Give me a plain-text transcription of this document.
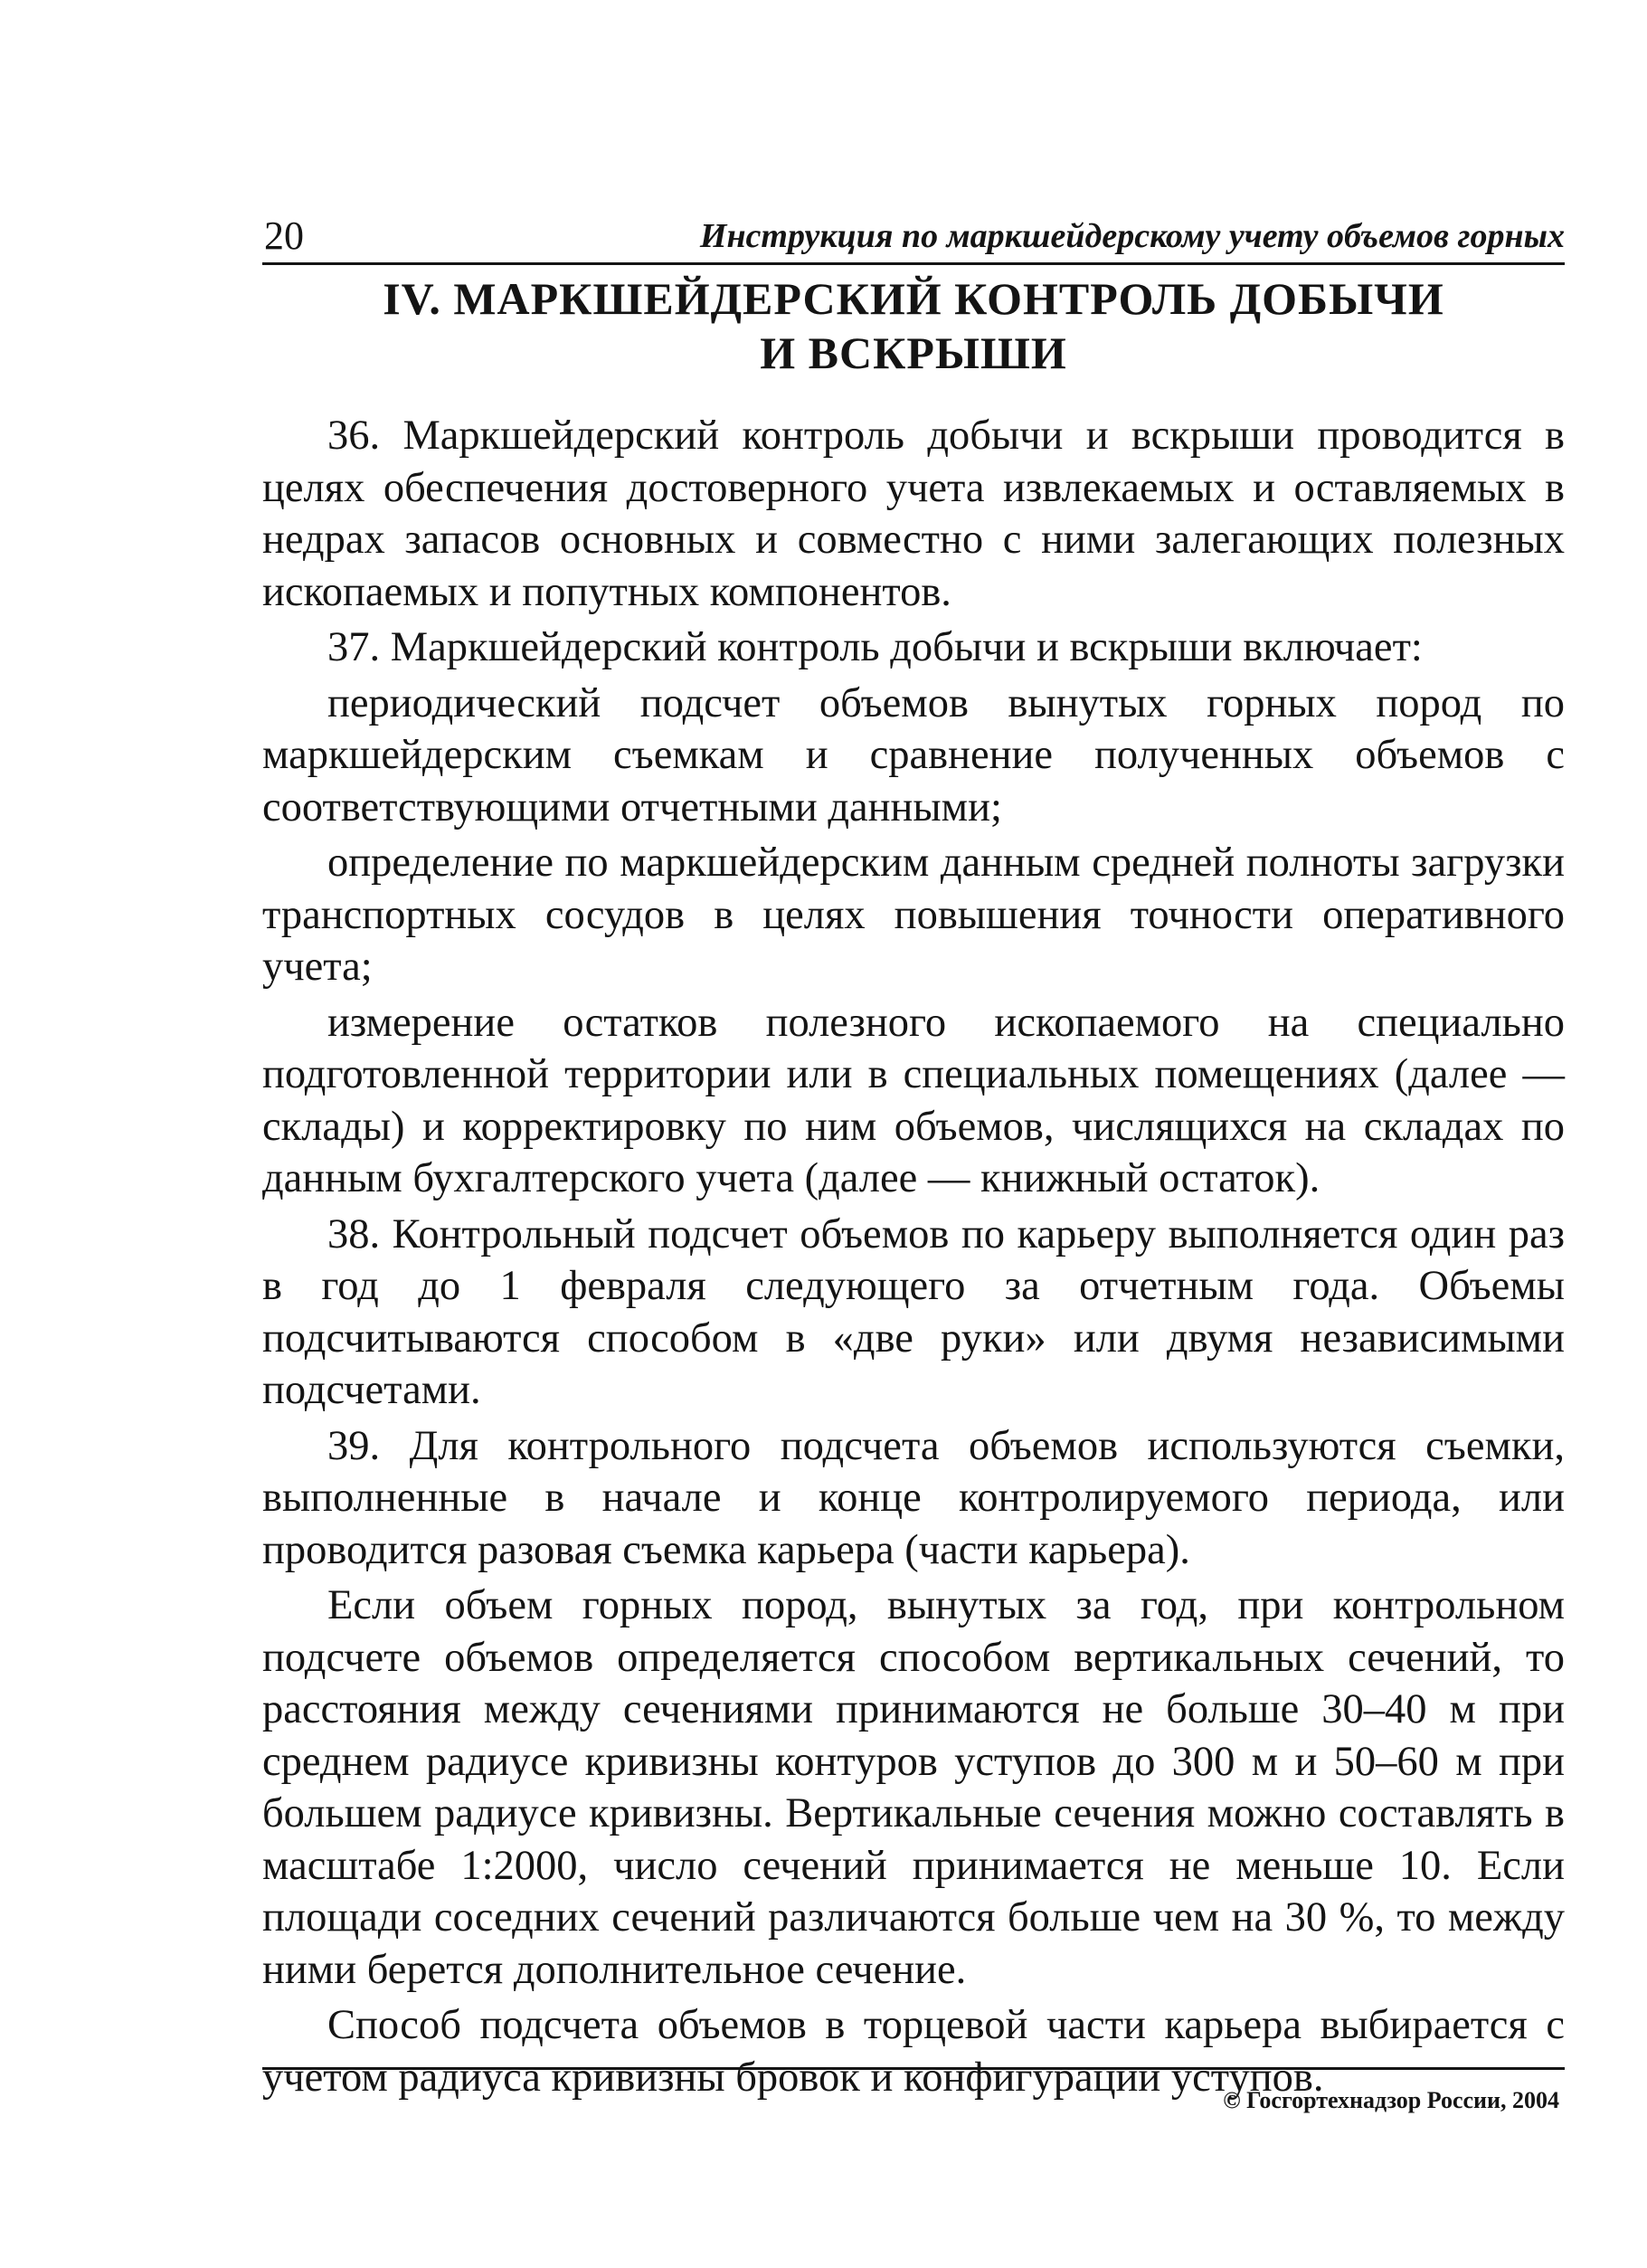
20	Инструкция по маркшейдерскому учету объемов горных
IV. МАРКШЕЙДЕРСКИЙ КОНТРОЛЬ ДОБЫЧИ
И ВСКРЫШИ

36. Маркшейдерский контроль добычи и вскрыши проводится в целях обеспечения достоверного учета извлекаемых и оставляемых в недрах запасов основных и совместно с ними залегающих полезных ископаемых и попутных компонентов.

37. Маркшейдерский контроль добычи и вскрыши включает:

периодический подсчет объемов вынутых горных пород по маркшейдерским съемкам и сравнение полученных объемов с соответствующими отчетными данными;

определение по маркшейдерским данным средней полноты загрузки транспортных сосудов в целях повышения точности оперативного учета;

измерение остатков полезного ископаемого на специально подготовленной территории или в специальных помещениях (далее — склады) и корректировку по ним объемов, числящихся на складах по данным бухгалтерского учета (далее — книжный остаток).

38. Контрольный подсчет объемов по карьеру выполняется один раз в год до 1 февраля следующего за отчетным года. Объемы подсчитываются способом в «две руки» или двумя независимыми подсчетами.

39. Для контрольного подсчета объемов используются съемки, выполненные в начале и конце контролируемого периода, или проводится разовая съемка карьера (части карьера).

Если объем горных пород, вынутых за год, при контрольном подсчете объемов определяется способом вертикальных сечений, то расстояния между сечениями принимаются не больше 30–40 м при среднем радиусе кривизны контуров уступов до 300 м и 50–60 м при большем радиусе кривизны. Вертикальные сечения можно составлять в масштабе 1:2000, число сечений принимается не меньше 10. Если площади соседних сечений различаются больше чем на 30 %, то между ними берется дополнительное сечение.

Способ подсчета объемов в торцевой части карьера выбирается с учетом радиуса кривизны бровок и конфигурации уступов.

© Госгортехнадзор России, 2004
